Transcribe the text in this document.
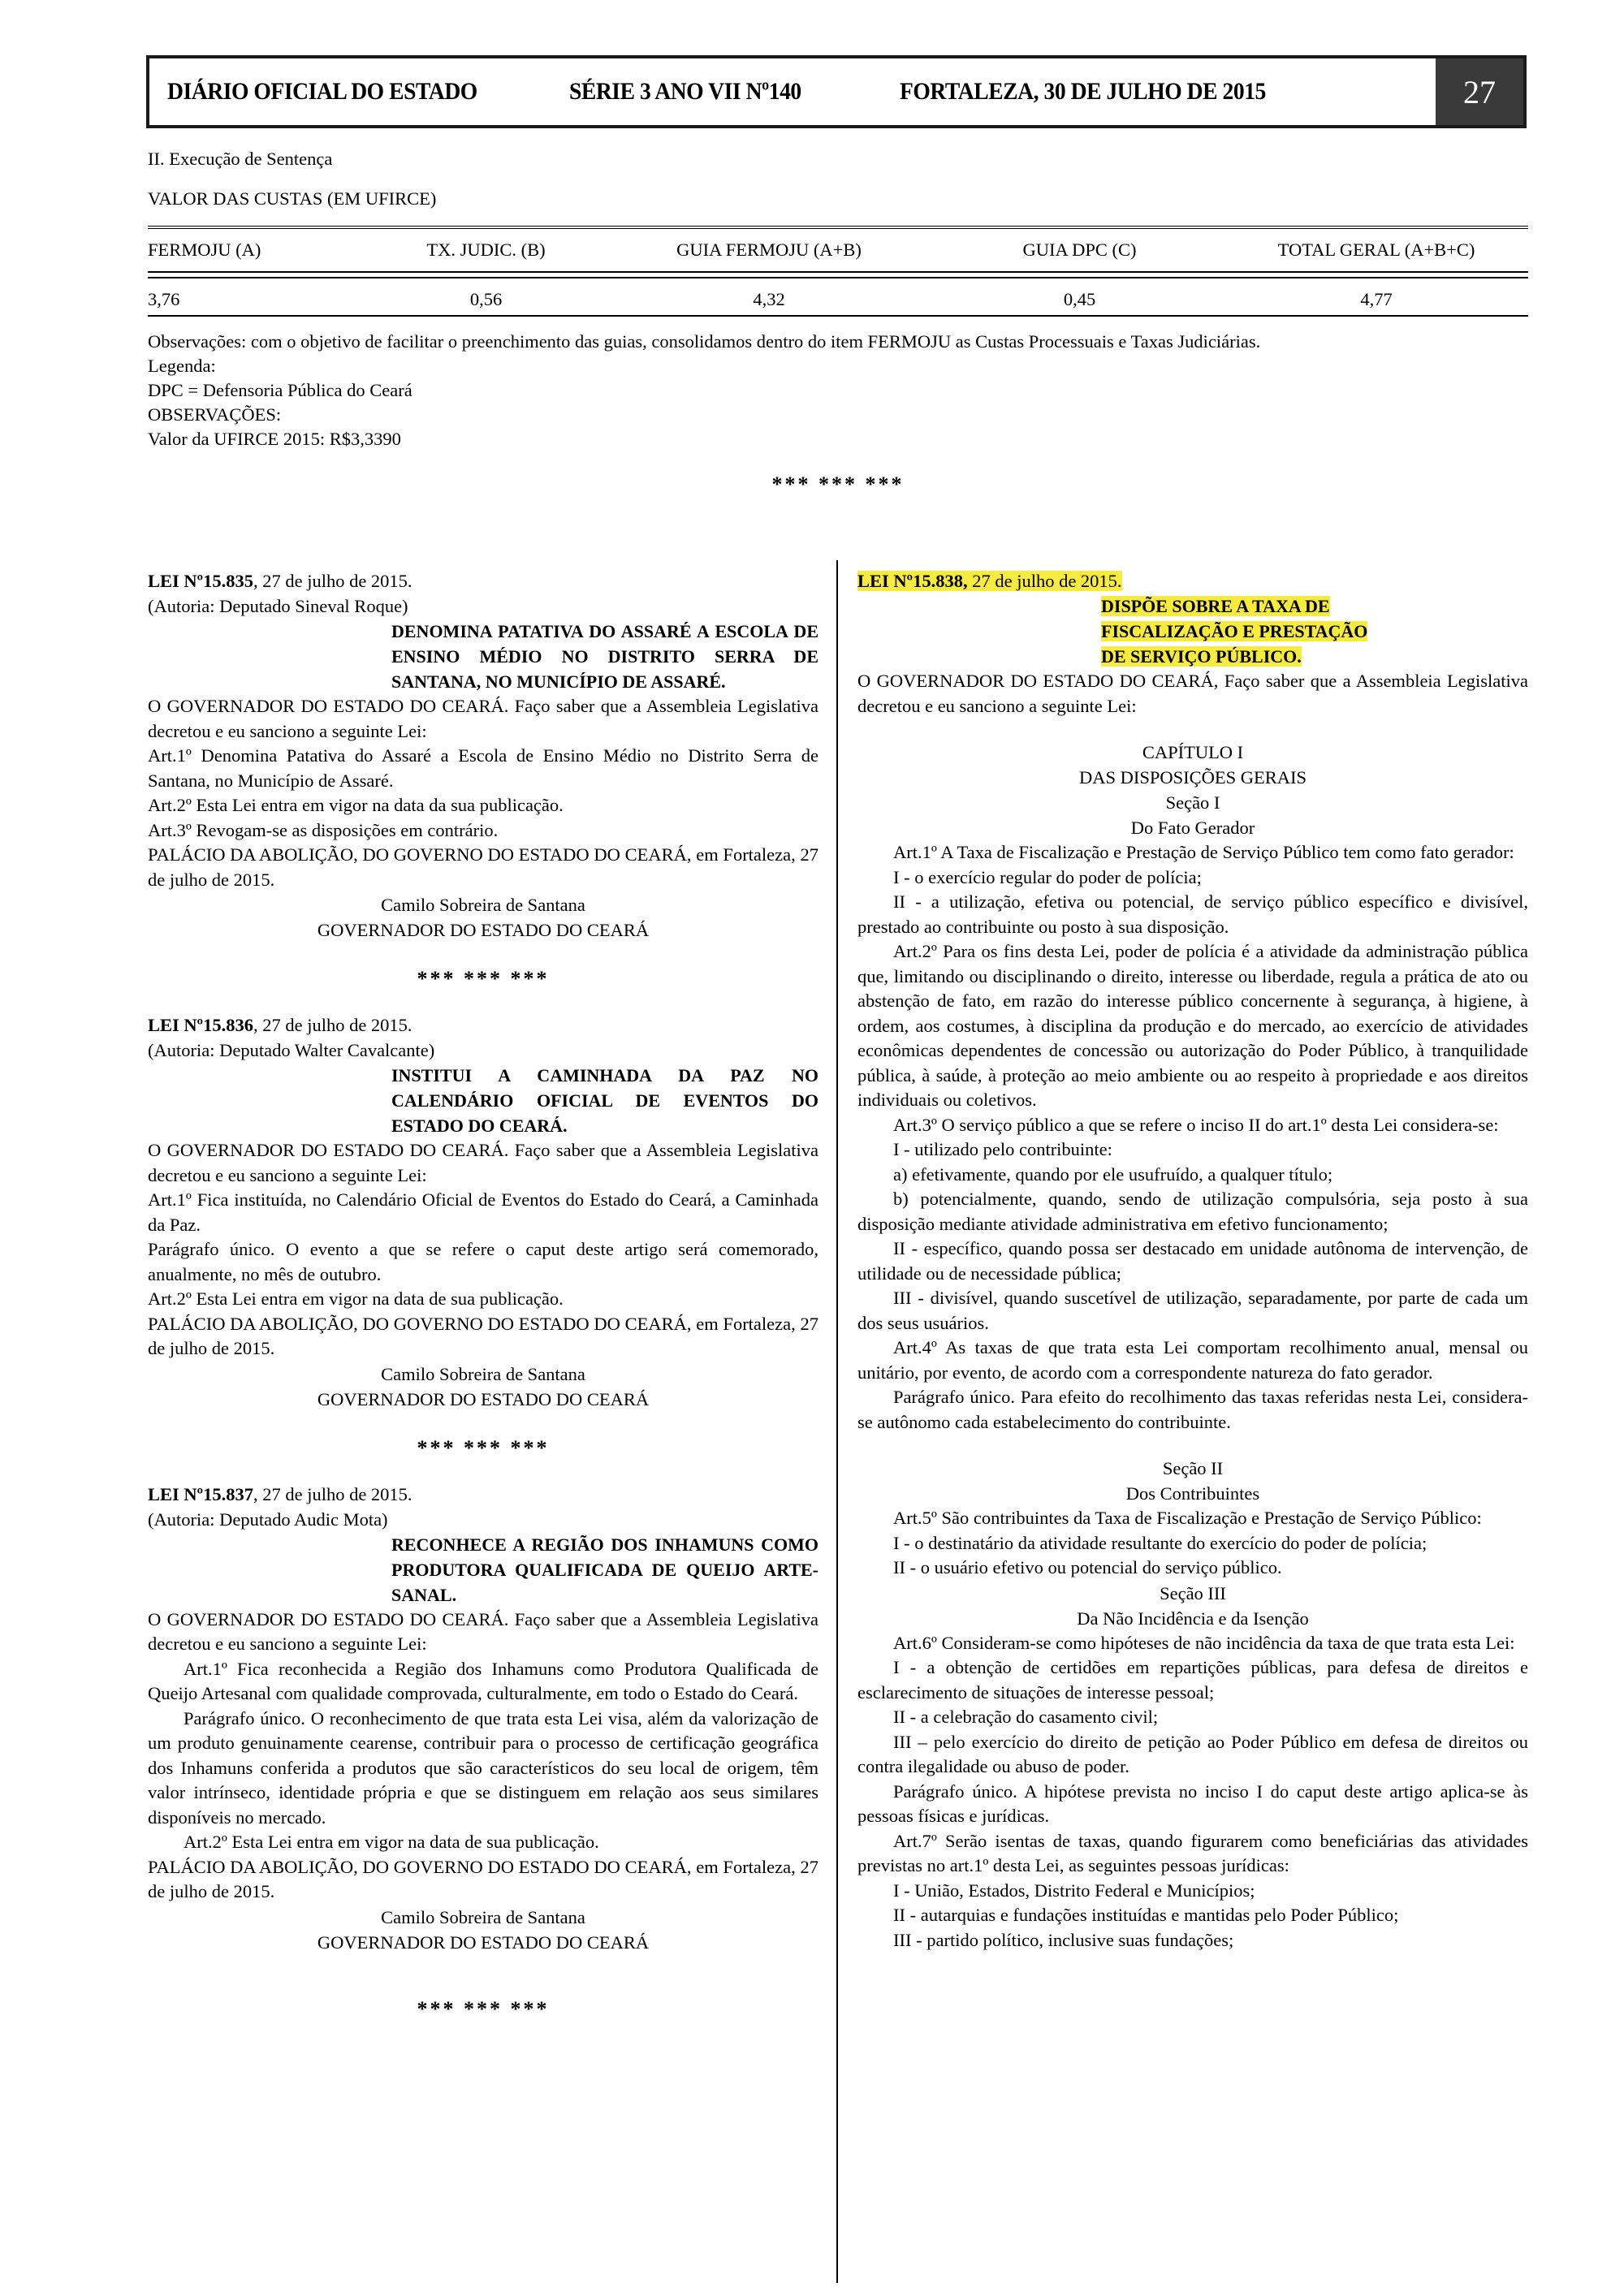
DIÁRIO OFICIAL DO ESTADO	SÉRIE 3 ANO VII Nº140	FORTALEZA, 30 DE JULHO DE 2015	27
II. Execução de Sentença
VALOR DAS CUSTAS (EM UFIRCE)
FERMOJU (A)	TX. JUDIC. (B)	GUIA FERMOJU (A+B)	GUIA DPC (C)	TOTAL GERAL (A+B+C)
3,76	0,56	4,32	0,45	4,77
Observações: com o objetivo de facilitar o preenchimento das guias, consolidamos dentro do item FERMOJU as Custas Processuais e Taxas Judiciárias.
Legenda:
DPC = Defensoria Pública do Ceará
OBSERVAÇÕES:
Valor da UFIRCE 2015: R$3,3390
*** *** ***
LEI Nº15.835, 27 de julho de 2015.
(Autoria: Deputado Sineval Roque)
DENOMINA PATATIVA DO ASSARÉ A ESCOLA DE ENSINO MÉDIO NO DISTRITO SERRA DE SANTANA, NO MUNICÍPIO DE ASSARÉ.
O GOVERNADOR DO ESTADO DO CEARÁ. Faço saber que a Assembleia Legislativa decretou e eu sanciono a seguinte Lei:
Art.1º Denomina Patativa do Assaré a Escola de Ensino Médio no Distrito Serra de Santana, no Município de Assaré.
Art.2º Esta Lei entra em vigor na data da sua publicação.
Art.3º Revogam-se as disposições em contrário.
PALÁCIO DA ABOLIÇÃO, DO GOVERNO DO ESTADO DO CEARÁ, em Fortaleza, 27 de julho de 2015.
Camilo Sobreira de Santana
GOVERNADOR DO ESTADO DO CEARÁ
*** *** ***
LEI Nº15.836, 27 de julho de 2015.
(Autoria: Deputado Walter Cavalcante)
INSTITUI A CAMINHADA DA PAZ NO CALENDÁRIO OFICIAL DE EVENTOS DO ESTADO DO CEARÁ.
O GOVERNADOR DO ESTADO DO CEARÁ. Faço saber que a Assembleia Legislativa decretou e eu sanciono a seguinte Lei:
Art.1º Fica instituída, no Calendário Oficial de Eventos do Estado do Ceará, a Caminhada da Paz.
Parágrafo único. O evento a que se refere o caput deste artigo será comemorado, anualmente, no mês de outubro.
Art.2º Esta Lei entra em vigor na data de sua publicação.
PALÁCIO DA ABOLIÇÃO, DO GOVERNO DO ESTADO DO CEARÁ, em Fortaleza, 27 de julho de 2015.
Camilo Sobreira de Santana
GOVERNADOR DO ESTADO DO CEARÁ
*** *** ***
LEI Nº15.837, 27 de julho de 2015.
(Autoria: Deputado Audic Mota)
RECONHECE A REGIÃO DOS INHAMUNS COMO PRODUTORA QUALIFICADA DE QUEIJO ARTE-SANAL.
O GOVERNADOR DO ESTADO DO CEARÁ. Faço saber que a Assembleia Legislativa decretou e eu sanciono a seguinte Lei:
Art.1º Fica reconhecida a Região dos Inhamuns como Produtora Qualificada de Queijo Artesanal com qualidade comprovada, culturalmente, em todo o Estado do Ceará.
Parágrafo único. O reconhecimento de que trata esta Lei visa, além da valorização de um produto genuinamente cearense, contribuir para o processo de certificação geográfica dos Inhamuns conferida a produtos que são característicos do seu local de origem, têm valor intrínseco, identidade própria e que se distinguem em relação aos seus similares disponíveis no mercado.
Art.2º Esta Lei entra em vigor na data de sua publicação.
PALÁCIO DA ABOLIÇÃO, DO GOVERNO DO ESTADO DO CEARÁ, em Fortaleza, 27 de julho de 2015.
Camilo Sobreira de Santana
GOVERNADOR DO ESTADO DO CEARÁ
*** *** ***
LEI Nº15.838, 27 de julho de 2015.
DISPÕE SOBRE A TAXA DE
FISCALIZAÇÃO E PRESTAÇÃO
DE SERVIÇO PÚBLICO.
O GOVERNADOR DO ESTADO DO CEARÁ, Faço saber que a Assembleia Legislativa decretou e eu sanciono a seguinte Lei:
CAPÍTULO I
DAS DISPOSIÇÕES GERAIS
Seção I
Do Fato Gerador
Art.1º A Taxa de Fiscalização e Prestação de Serviço Público tem como fato gerador:
I - o exercício regular do poder de polícia;
II - a utilização, efetiva ou potencial, de serviço público específico e divisível, prestado ao contribuinte ou posto à sua disposição.
Art.2º Para os fins desta Lei, poder de polícia é a atividade da administração pública que, limitando ou disciplinando o direito, interesse ou liberdade, regula a prática de ato ou abstenção de fato, em razão do interesse público concernente à segurança, à higiene, à ordem, aos costumes, à disciplina da produção e do mercado, ao exercício de atividades econômicas dependentes de concessão ou autorização do Poder Público, à tranquilidade pública, à saúde, à proteção ao meio ambiente ou ao respeito à propriedade e aos direitos individuais ou coletivos.
Art.3º O serviço público a que se refere o inciso II do art.1º desta Lei considera-se:
I - utilizado pelo contribuinte:
a) efetivamente, quando por ele usufruído, a qualquer título;
b) potencialmente, quando, sendo de utilização compulsória, seja posto à sua disposição mediante atividade administrativa em efetivo funcionamento;
II - específico, quando possa ser destacado em unidade autônoma de intervenção, de utilidade ou de necessidade pública;
III - divisível, quando suscetível de utilização, separadamente, por parte de cada um dos seus usuários.
Art.4º As taxas de que trata esta Lei comportam recolhimento anual, mensal ou unitário, por evento, de acordo com a correspondente natureza do fato gerador.
Parágrafo único. Para efeito do recolhimento das taxas referidas nesta Lei, considera-se autônomo cada estabelecimento do contribuinte.
Seção II
Dos Contribuintes
Art.5º São contribuintes da Taxa de Fiscalização e Prestação de Serviço Público:
I - o destinatário da atividade resultante do exercício do poder de polícia;
II - o usuário efetivo ou potencial do serviço público.
Seção III
Da Não Incidência e da Isenção
Art.6º Consideram-se como hipóteses de não incidência da taxa de que trata esta Lei:
I - a obtenção de certidões em repartições públicas, para defesa de direitos e esclarecimento de situações de interesse pessoal;
II - a celebração do casamento civil;
III – pelo exercício do direito de petição ao Poder Público em defesa de direitos ou contra ilegalidade ou abuso de poder.
Parágrafo único. A hipótese prevista no inciso I do caput deste artigo aplica-se às pessoas físicas e jurídicas.
Art.7º Serão isentas de taxas, quando figurarem como beneficiárias das atividades previstas no art.1º desta Lei, as seguintes pessoas jurídicas:
I - União, Estados, Distrito Federal e Municípios;
II - autarquias e fundações instituídas e mantidas pelo Poder Público;
III - partido político, inclusive suas fundações;
